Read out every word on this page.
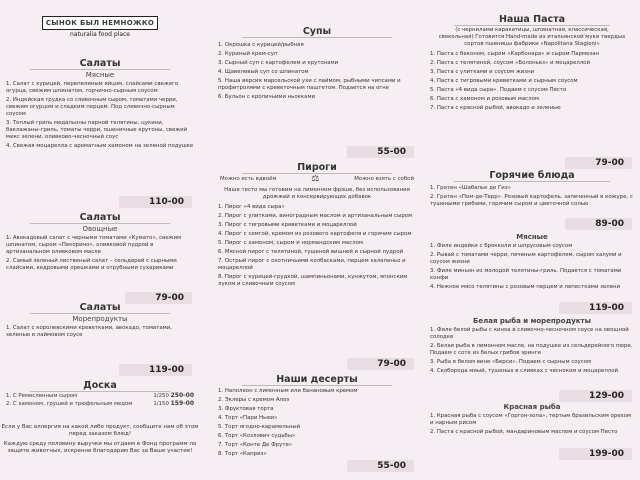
СЫНОК БЫЛ НЕМНОЖКО
naturalia food place
Салаты
Мясные
1. Салат с курицей, перепелиным яйцом, слайсами свежего огурца, свежим шпинатом, горчично-сырным соусом
2. Индейская грудка со сливочным сыром, томатами черри, свежим огурцом и сладким перцем. Под сливочно-сырным соусом
3. Теплый гриль медальоны парной телятины, цукини, баклажаны-гриль, томаты черри, пшеничные крутоны, свежий микс зелени, оливково-чесночный соус
4. Свежая моцарелла с ароматным хамоном на зеленой подушке
110-00
Салаты
Овощные
1. Авокадовый салат с черными томатами «Кумато», свежим шпинатом, сыром «Пекорино», оливковой пудрой в артизанальном оливковом масле
2. Самый зеленый лиственый салат – сельдерей с сырными слайсами, кедровыми орешками и отрубными сухариками
79-00
Салаты
Морепродукты
1. Салат с королевскими креветками, авокадо, томатами, зеленью в лаймовом соусе
119-00
Доска
1. С Ремесленным сыром	1/250 250-00
2. С хамоном, грушей и трюфельным медом	1/150 159-00
Если у Вас аллергия на какой либо продукт, сообщите нам об этом перед заказом блюд!
Каждую среду половину выручки мы отдаем в Фонд программ по защите животных, искренне благодарим Вас за Ваше участие!
Супы
1. Окрошка с курицей/рыбная
2. Куриный крем-суп
3. Сырный суп с картофелем и крутонами
4. Щавелевый суп со шпинатом
5. Наша версия марсельской ухи с лаймом, рыбными чипсами и профитролями с креветочным паштетом. Подается на огне
6. Бульон с кроличьими ньокками
55-00
Пироги
Можно есть вдвоём	⚖	Можно взять с собой
Наше тесто мы готовим на лимонном фрэше, без использования дрожжей и консервирующих добавок
1. Пирог «4 вида сыра»
2. Пирог с улитками, виноградным маслом и артизанальным сыром
3. Пирог с тигровыми креветками и моцареллой
4. Пирог с семгой, кремом из розового картофеля и горячим сыром
5. Пирог с хамоном, сыром и нормандским маслом
6. Мясной пирог с телятиной, тушеной вишней и сырной пудрой
7. Острый пирог с охотничьими колбасками, перцем халапеньо и моцареллой
8. Пирог с курицей-грудкой, шампиньонами, кунжутом, японским луком и сливочным соусом
79-00
Наши десерты
1. Наполеон с лимонным или банановым кремом
2. Эклеры с кремом Алоэ
3. Фруктовая торта
4. Торт «Пари Ньюи»
5. Торт ягодно-карамельный
6. Торт «Козлович судьбы»
7. Торт «Конте Де Фруте»
8. Торт «Каприз»
55-00
Наша Паста
(с чернилами каракатицы, шпинатная, классическая, свекольная) Готовится Hand-made из итальянской муки твердых сортов пшеницы фабрики «Napolitana Stagioni»
1. Паста с беконом, сыром «Карбонара» и сыром Пармезан
2. Паста с телятиной, соусом «Болоньез» и моцареллой
3. Паста с улитками и соусом жизни
4. Паста с тигровыми креветками и сырным соусом
5. Паста «4 вида сыра». Подаем с соусом Песто
6. Паста с хамоном и розовым маслом
7. Паста с красной рыбой, авокадо и зеленью
79-00
Горячие блюда
1. Гратен «Шабалье де Гиз»
2. Гратен «Пом-де-Терр». Розовый картофель, запеченный в кожуре, с тушеными грибами, горячим сыром и цветочной солью
89-00
Мясные
1. Филе индейки с брокколи и шпрусовым соусом
2. Рывай с томатами черри, печеным картофелем, сыром халуми и соусом жизни
3. Филе миньон из молодой телятины-гриль. Подается с томатами конфи
4. Нежное мясо телятины с розовым перцем и лепестками зелени
119-00
Белая рыба и морепродукты
1. Филе белой рыбы с киноа в сливочно-чесночном соусе на овощной солодке
2. Белая рыба в лимонном масле, на подушке из сельдерейного пюре. Подаем с соте из белых грибов эринги
3. Рыба в белом вине «Берси». Подаем с сырным соусом
4. Скоборода миый, тушеных в сливках с чесноком и моцареллой
129-00
Красная рыба
1. Красная рыба с соусом «Горгон-зола», тертым бразильским орехом и нарным рисом
2. Паста с красной рыбой, мандариновым маслом и соусом Песто
199-00
